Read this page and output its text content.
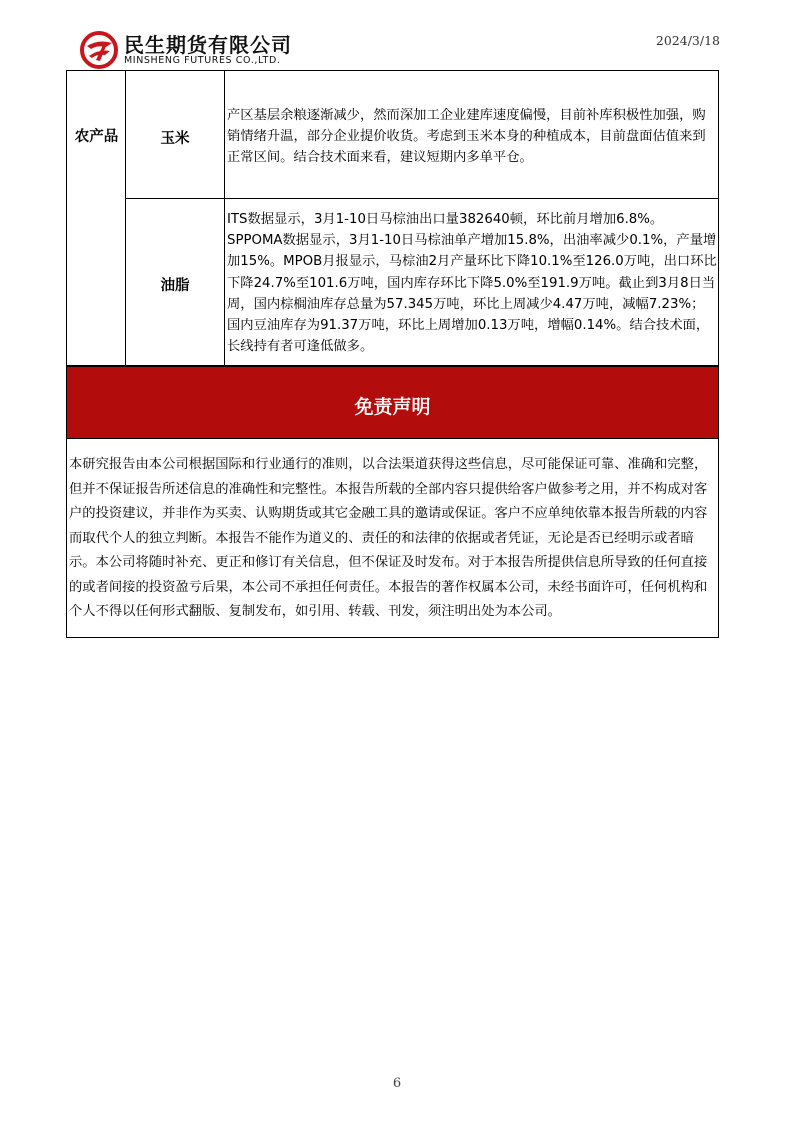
民生期货有限公司
MINSHENG FUTURES CO.,LTD.
2024/3/18
农产品	玉米
产区基层余粮逐渐减少，然而深加工企业建库速度偏慢，目前补库积极性加强，购销情绪升温，部分企业提价收货。考虑到玉米本身的种植成本，目前盘面估值来到正常区间。结合技术面来看，建议短期内多单平仓。
油脂
ITS数据显示，3月1-10日马棕油出口量382640顿，环比前月增加6.8%。SPPOMA数据显示，3月1-10日马棕油单产增加15.8%，出油率减少0.1%，产量增加15%。MPOB月报显示，马棕油2月产量环比下降10.1%至126.0万吨，出口环比下降24.7%至101.6万吨，国内库存环比下降5.0%至191.9万吨。截止到3月8日当周，国内棕榈油库存总量为57.345万吨，环比上周减少4.47万吨，减幅7.23%；国内豆油库存为91.37万吨，环比上周增加0.13万吨，增幅0.14%。结合技术面，长线持有者可逢低做多。
免责声明
本研究报告由本公司根据国际和行业通行的准则，以合法渠道获得这些信息，尽可能保证可靠、准确和完整，但并不保证报告所述信息的准确性和完整性。本报告所载的全部内容只提供给客户做参考之用，并不构成对客户的投资建议，并非作为买卖、认购期货或其它金融工具的邀请或保证。客户不应单纯依靠本报告所载的内容而取代个人的独立判断。本报告不能作为道义的、责任的和法律的依据或者凭证，无论是否已经明示或者暗示。本公司将随时补充、更正和修订有关信息，但不保证及时发布。对于本报告所提供信息所导致的任何直接的或者间接的投资盈亏后果，本公司不承担任何责任。本报告的著作权属本公司，未经书面许可，任何机构和个人不得以任何形式翻版、复制发布，如引用、转载、刊发，须注明出处为本公司。
6
